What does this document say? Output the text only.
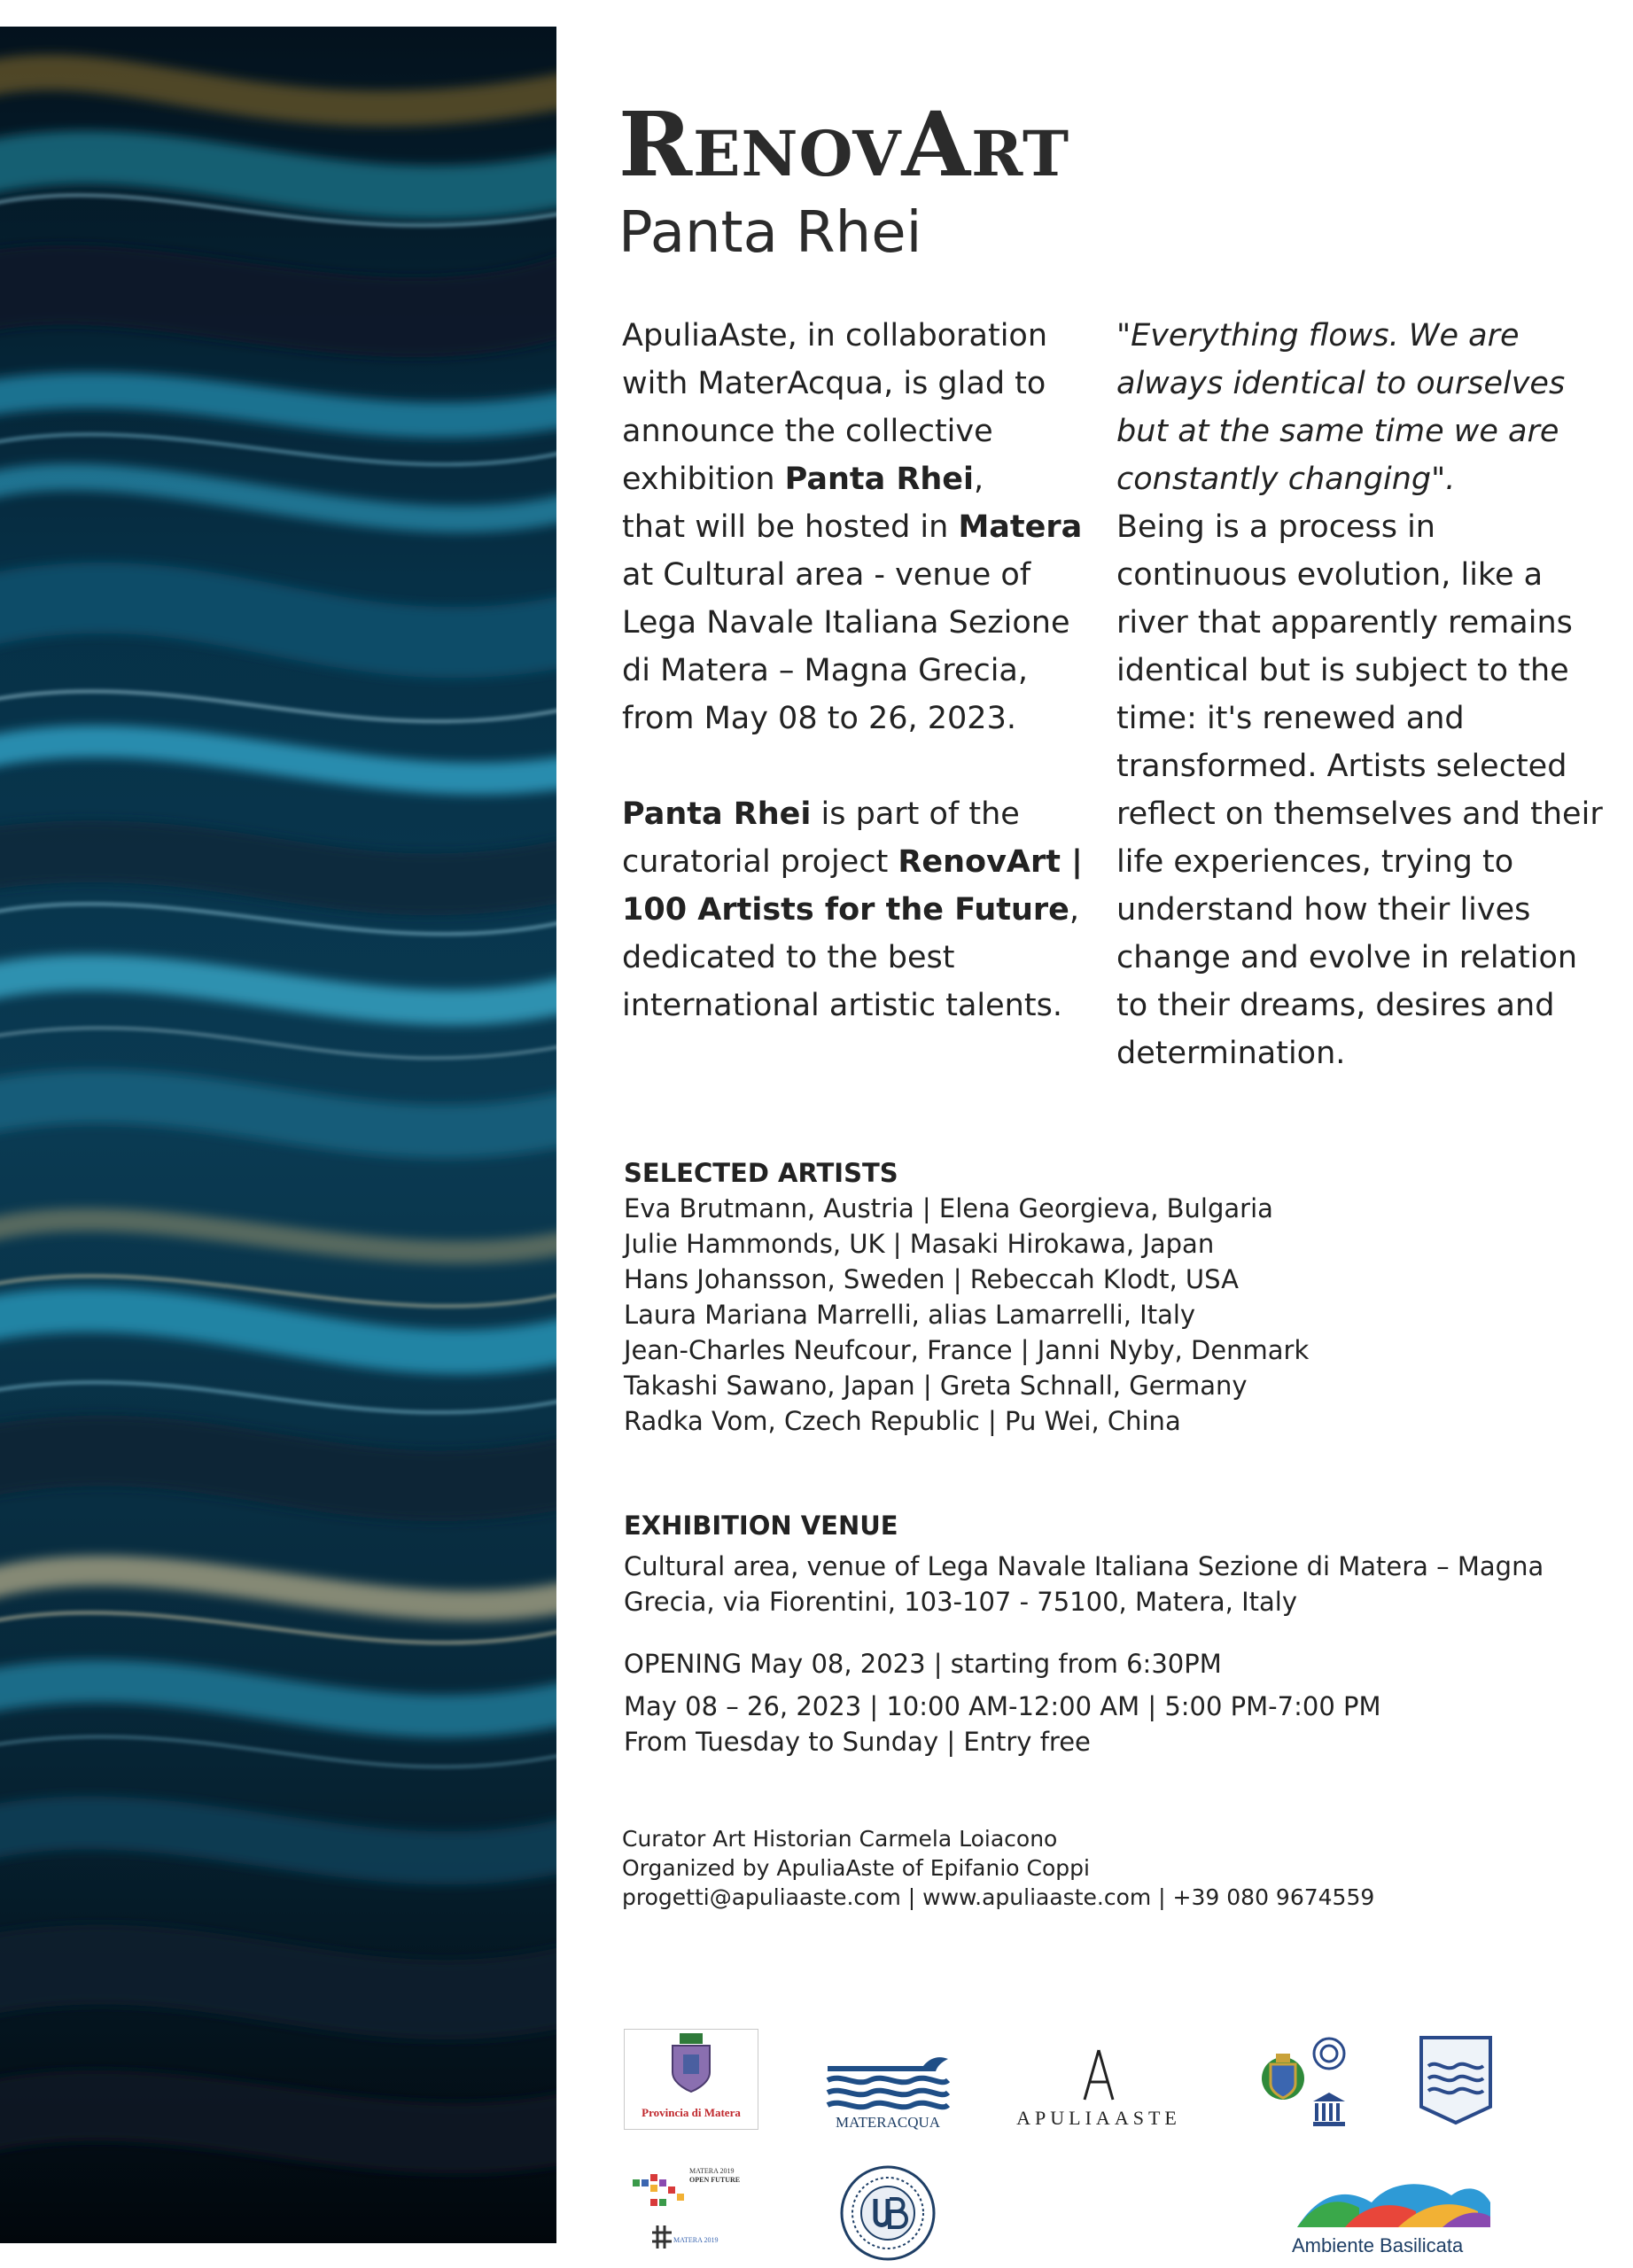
RENOVART
Panta Rhei

ApuliaAste, in collaboration with MaterAcqua, is glad to announce the collective exhibition Panta Rhei,

that will be hosted in Matera

at Cultural area - venue of Lega Navale Italiana Sezione di Matera – Magna Grecia, from May 08 to 26, 2023.

Panta Rhei is part of the curatorial project RenovArt | 100 Artists for the Future, dedicated to the best international artistic talents.

"Everything flows. We are always identical to ourselves but at the same time we are constantly changing".

Being is a process in continuous evolution, like a river that apparently remains identical but is subject to the time: it's renewed and transformed. Artists selected reflect on themselves and their life experiences, trying to understand how their lives change and evolve in relation to their dreams, desires and determination.

SELECTED ARTISTS
Eva Brutmann, Austria | Elena Georgieva, Bulgaria
Julie Hammonds, UK | Masaki Hirokawa, Japan
Hans Johansson, Sweden | Rebeccah Klodt, USA
Laura Mariana Marrelli, alias Lamarrelli, Italy
Jean-Charles Neufcour, France | Janni Nyby, Denmark
Takashi Sawano, Japan | Greta Schnall, Germany
Radka Vom, Czech Republic | Pu Wei, China
EXHIBITION VENUE
Cultural area, venue of Lega Navale Italiana Sezione di Matera – Magna
Grecia, via Fiorentini, 103-107 - 75100, Matera, Italy
OPENING May 08, 2023 | starting from 6:30PM
May 08 – 26, 2023 | 10:00 AM-12:00 AM | 5:00 PM-7:00 PM
From Tuesday to Sunday | Entry free
Curator Art Historian Carmela Loiacono
Organized by ApuliaAste of Epifanio Coppi
progetti@apuliaaste.com | www.apuliaaste.com | +39 080 9674559
Provincia di Matera
MATERACQUA	APULIAASTE
MATERA 2019
OPEN FUTURE
MATERA 2019	Ambiente Basilicata
